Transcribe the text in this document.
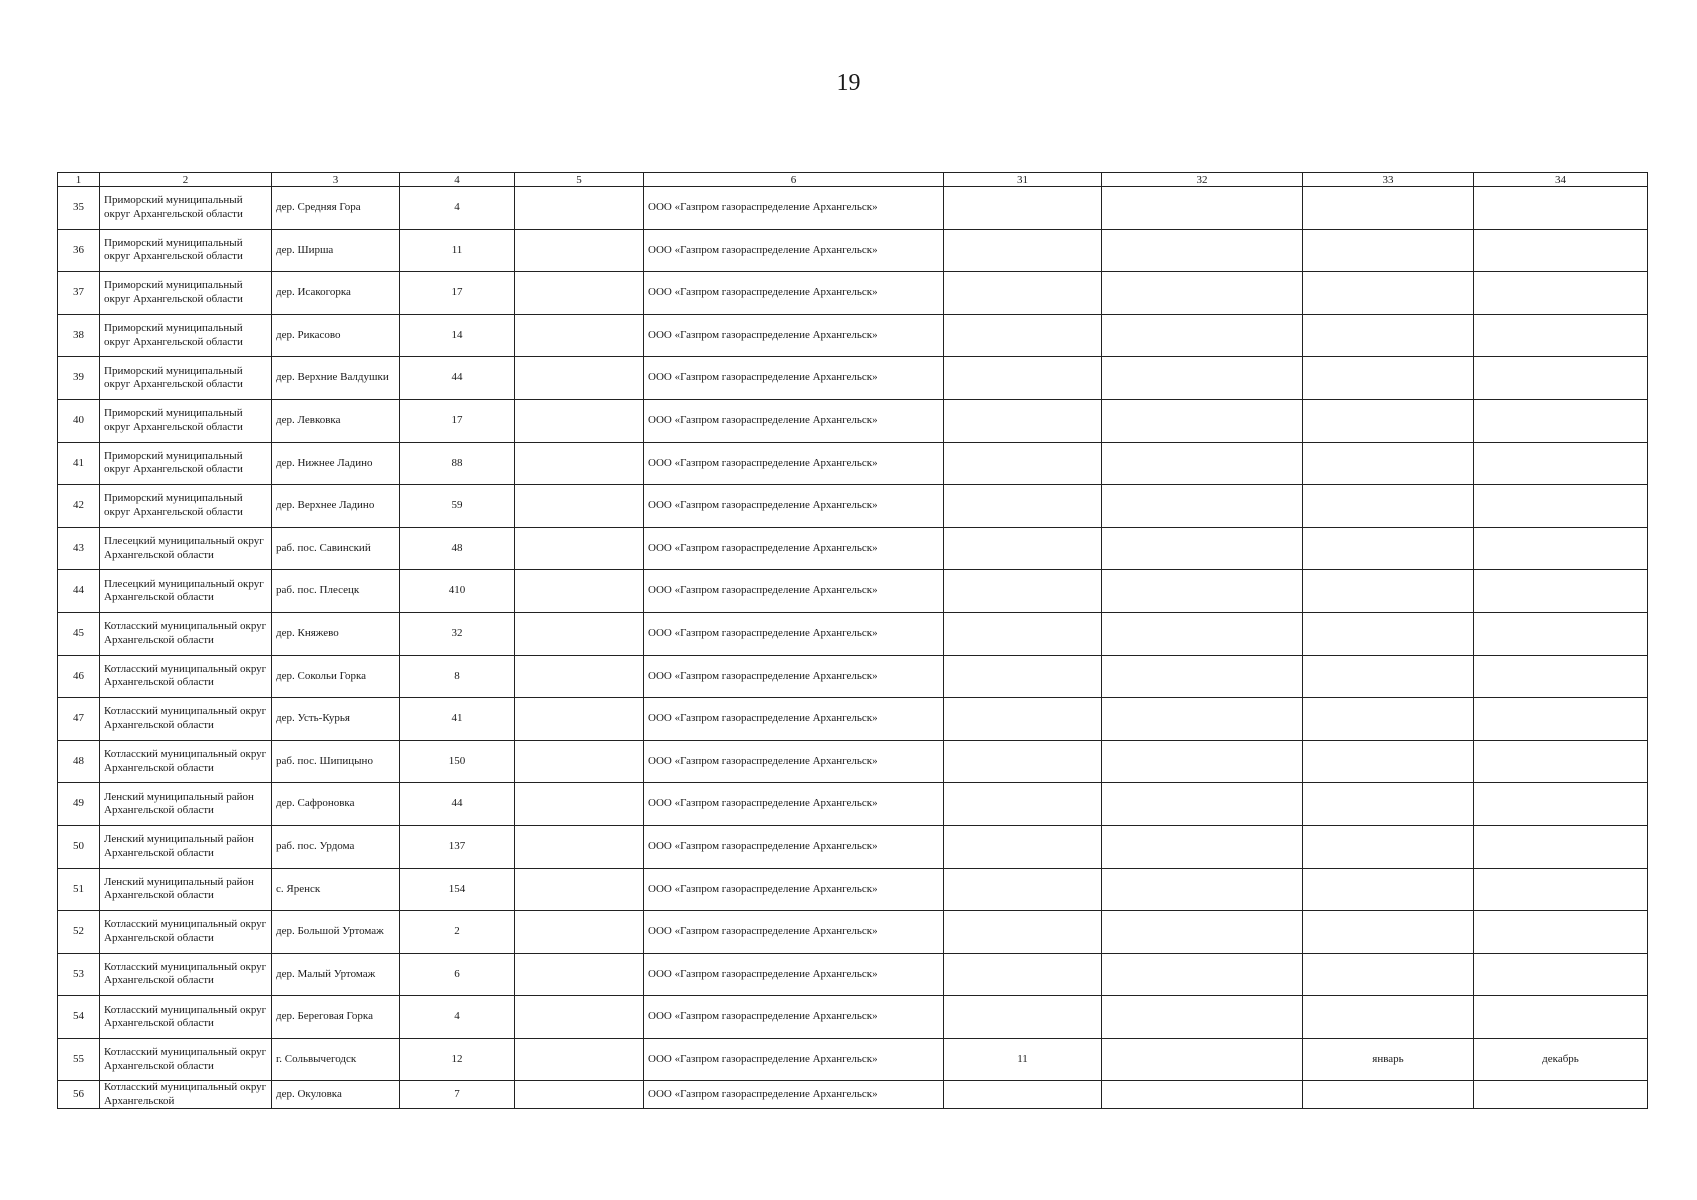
19
1	2	3	4	5	6	31	32	33	34
35	Приморский муниципальный округ Архангельской области	дер. Средняя Гора	4		ООО «Газпром газораспределение Архангельск»				
36	Приморский муниципальный округ Архангельской области	дер. Ширша	11		ООО «Газпром газораспределение Архангельск»				
37	Приморский муниципальный округ Архангельской области	дер. Исакогорка	17		ООО «Газпром газораспределение Архангельск»				
38	Приморский муниципальный округ Архангельской области	дер. Рикасово	14		ООО «Газпром газораспределение Архангельск»				
39	Приморский муниципальный округ Архангельской области	дер. Верхние Валдушки	44		ООО «Газпром газораспределение Архангельск»				
40	Приморский муниципальный округ Архангельской области	дер. Левковка	17		ООО «Газпром газораспределение Архангельск»				
41	Приморский муниципальный округ Архангельской области	дер. Нижнее Ладино	88		ООО «Газпром газораспределение Архангельск»				
42	Приморский муниципальный округ Архангельской области	дер. Верхнее Ладино	59		ООО «Газпром газораспределение Архангельск»				
43	Плесецкий муниципальный округ Архангельской области	раб. пос. Савинский	48		ООО «Газпром газораспределение Архангельск»				
44	Плесецкий муниципальный округ Архангельской области	раб. пос. Плесецк	410		ООО «Газпром газораспределение Архангельск»				
45	Котласский муниципальный округ Архангельской области	дер. Княжево	32		ООО «Газпром газораспределение Архангельск»				
46	Котласский муниципальный округ Архангельской области	дер. Сокольи Горка	8		ООО «Газпром газораспределение Архангельск»				
47	Котласский муниципальный округ Архангельской области	дер. Усть-Курья	41		ООО «Газпром газораспределение Архангельск»				
48	Котласский муниципальный округ Архангельской области	раб. пос. Шипицыно	150		ООО «Газпром газораспределение Архангельск»				
49	Ленский муниципальный район Архангельской области	дер. Сафроновка	44		ООО «Газпром газораспределение Архангельск»				
50	Ленский муниципальный район Архангельской области	раб. пос. Урдома	137		ООО «Газпром газораспределение Архангельск»				
51	Ленский муниципальный район Архангельской области	с. Яренск	154		ООО «Газпром газораспределение Архангельск»				
52	Котласский муниципальный округ Архангельской области	дер. Большой Уртомаж	2		ООО «Газпром газораспределение Архангельск»				
53	Котласский муниципальный округ Архангельской области	дер. Малый Уртомаж	6		ООО «Газпром газораспределение Архангельск»				
54	Котласский муниципальный округ Архангельской области	дер. Береговая Горка	4		ООО «Газпром газораспределение Архангельск»				
55	Котласский муниципальный округ Архангельской области	г. Сольвычегодск	12		ООО «Газпром газораспределение Архангельск»	11		январь	декабрь
56	Котласский муниципальный округ Архангельской	дер. Окуловка	7		ООО «Газпром газораспределение Архангельск»				
